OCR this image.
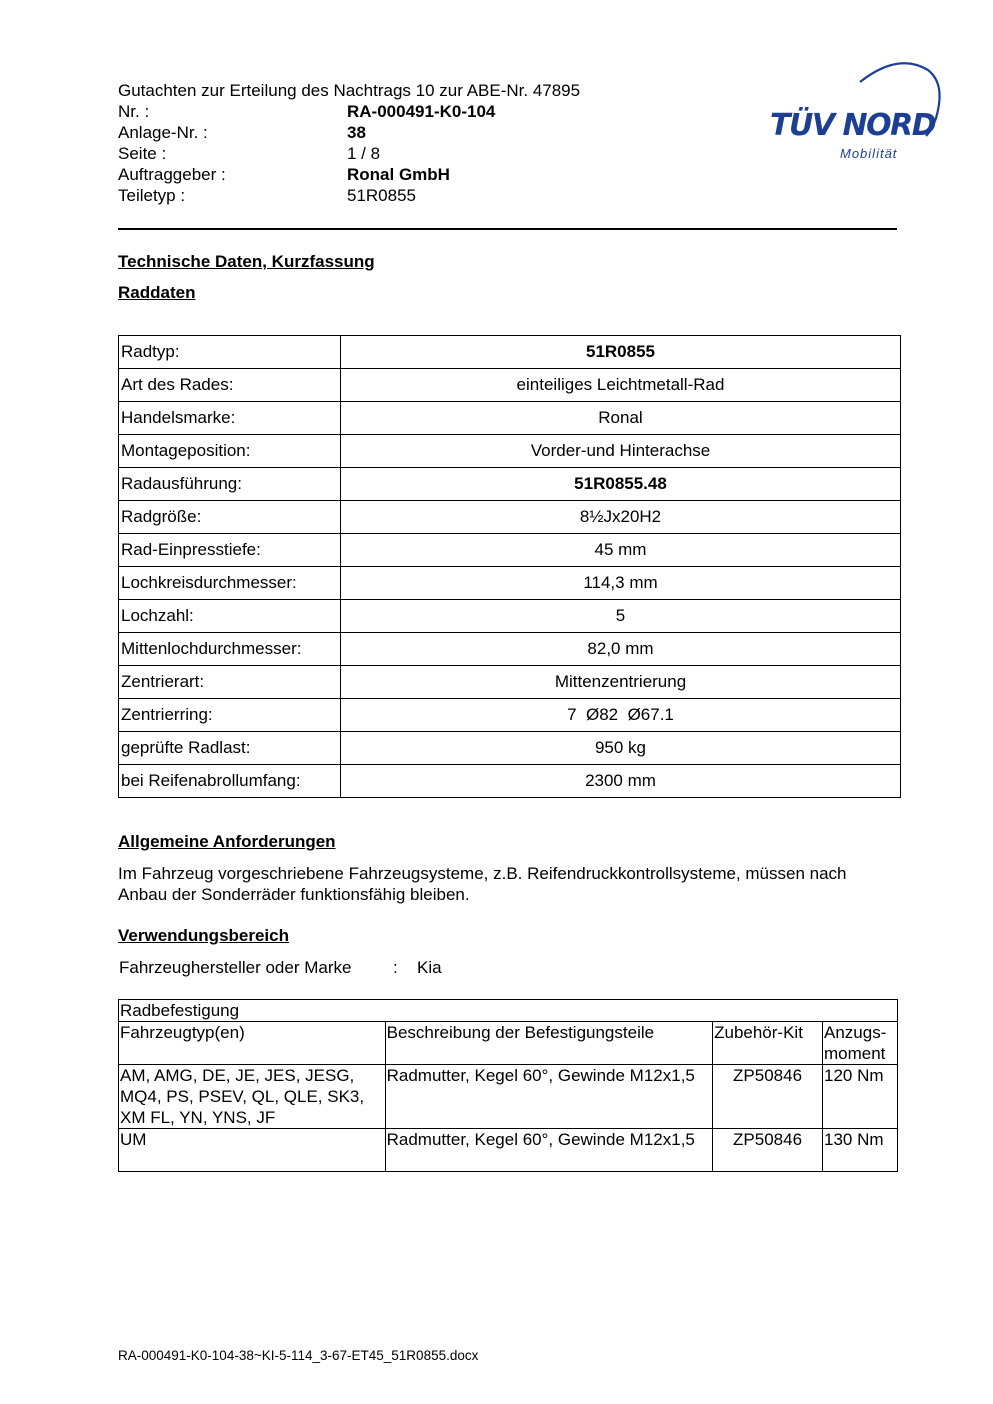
Gutachten zur Erteilung des Nachtrags 10 zur ABE-Nr. 47895
Nr. :	RA-000491-K0-104
Anlage-Nr. :	38
Seite :	1 / 8
Auftraggeber :	Ronal GmbH
Teiletyp :	51R0855
TÜV NORD
Mobilität
Technische Daten, Kurzfassung
Raddaten
Radtyp:	51R0855
Art des Rades:	einteiliges Leichtmetall-Rad
Handelsmarke:	Ronal
Montageposition:	Vorder-und Hinterachse
Radausführung:	51R0855.48
Radgröße:	8½Jx20H2
Rad-Einpresstiefe:	45 mm
Lochkreisdurchmesser:	114,3 mm
Lochzahl:	5
Mittenlochdurchmesser:	82,0 mm
Zentrierart:	Mittenzentrierung
Zentrierring:	7  Ø82  Ø67.1
geprüfte Radlast:	950 kg
bei Reifenabrollumfang:	2300 mm
Allgemeine Anforderungen
Im Fahrzeug vorgeschriebene Fahrzeugsysteme, z.B. Reifendruckkontrollsysteme, müssen nach Anbau der Sonderräder funktionsfähig bleiben.
Verwendungsbereich
Fahrzeughersteller oder Marke : Kia
Radbefestigung			
Fahrzeugtyp(en)	Beschreibung der Befestigungsteile	Zubehör-Kit	Anzugs-moment
AM, AMG, DE, JE, JES, JESG, MQ4, PS, PSEV, QL, QLE, SK3, XM FL, YN, YNS, JF	Radmutter, Kegel 60°, Gewinde M12x1,5	ZP50846	120 Nm
UM	Radmutter, Kegel 60°, Gewinde M12x1,5	ZP50846	130 Nm
RA-000491-K0-104-38~KI-5-114_3-67-ET45_51R0855.docx
